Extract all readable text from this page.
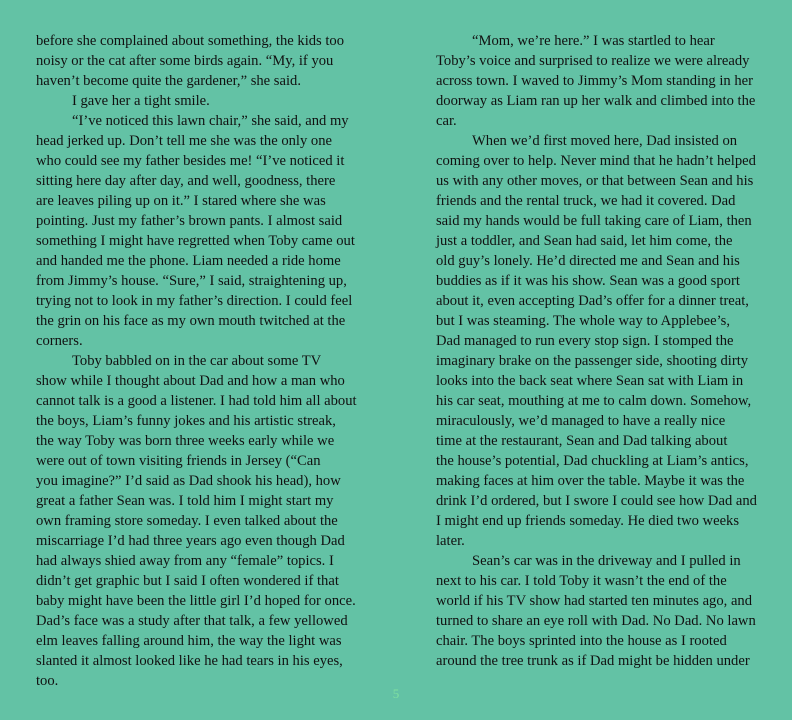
before she complained about something, the kids too
noisy or the cat after some birds again. “My, if you
haven’t become quite the gardener,” she said.
I gave her a tight smile.
“I’ve noticed this lawn chair,” she said, and my
head jerked up. Don’t tell me she was the only one
who could see my father besides me! “I’ve noticed it
sitting here day after day, and well, goodness, there
are leaves piling up on it.” I stared where she was
pointing. Just my father’s brown pants. I almost said
something I might have regretted when Toby came out
and handed me the phone. Liam needed a ride home
from Jimmy’s house. “Sure,” I said, straightening up,
trying not to look in my father’s direction. I could feel
the grin on his face as my own mouth twitched at the
corners.
Toby babbled on in the car about some TV
show while I thought about Dad and how a man who
cannot talk is a good a listener. I had told him all about
the boys, Liam’s funny jokes and his artistic streak,
the way Toby was born three weeks early while we
were out of town visiting friends in Jersey (“Can
you imagine?” I’d said as Dad shook his head), how
great a father Sean was. I told him I might start my
own framing store someday. I even talked about the
miscarriage I’d had three years ago even though Dad
had always shied away from any “female” topics. I
didn’t get graphic but I said I often wondered if that
baby might have been the little girl I’d hoped for once.
Dad’s face was a study after that talk, a few yellowed
elm leaves falling around him, the way the light was
slanted it almost looked like he had tears in his eyes,
too.
“Mom, we’re here.” I was startled to hear
Toby’s voice and surprised to realize we were already
across town. I waved to Jimmy’s Mom standing in her
doorway as Liam ran up her walk and climbed into the
car.
When we’d first moved here, Dad insisted on
coming over to help. Never mind that he hadn’t helped
us with any other moves, or that between Sean and his
friends and the rental truck, we had it covered. Dad
said my hands would be full taking care of Liam, then
just a toddler, and Sean had said, let him come, the
old guy’s lonely. He’d directed me and Sean and his
buddies as if it was his show. Sean was a good sport
about it, even accepting Dad’s offer for a dinner treat,
but I was steaming. The whole way to Applebee’s,
Dad managed to run every stop sign. I stomped the
imaginary brake on the passenger side, shooting dirty
looks into the back seat where Sean sat with Liam in
his car seat, mouthing at me to calm down. Somehow,
miraculously, we’d managed to have a really nice
time at the restaurant, Sean and Dad talking about
the house’s potential, Dad chuckling at Liam’s antics,
making faces at him over the table. Maybe it was the
drink I’d ordered, but I swore I could see how Dad and
I might end up friends someday. He died two weeks
later.
Sean’s car was in the driveway and I pulled in
next to his car. I told Toby it wasn’t the end of the
world if his TV show had started ten minutes ago, and
turned to share an eye roll with Dad. No Dad. No lawn
chair. The boys sprinted into the house as I rooted
around the tree trunk as if Dad might be hidden under
5
